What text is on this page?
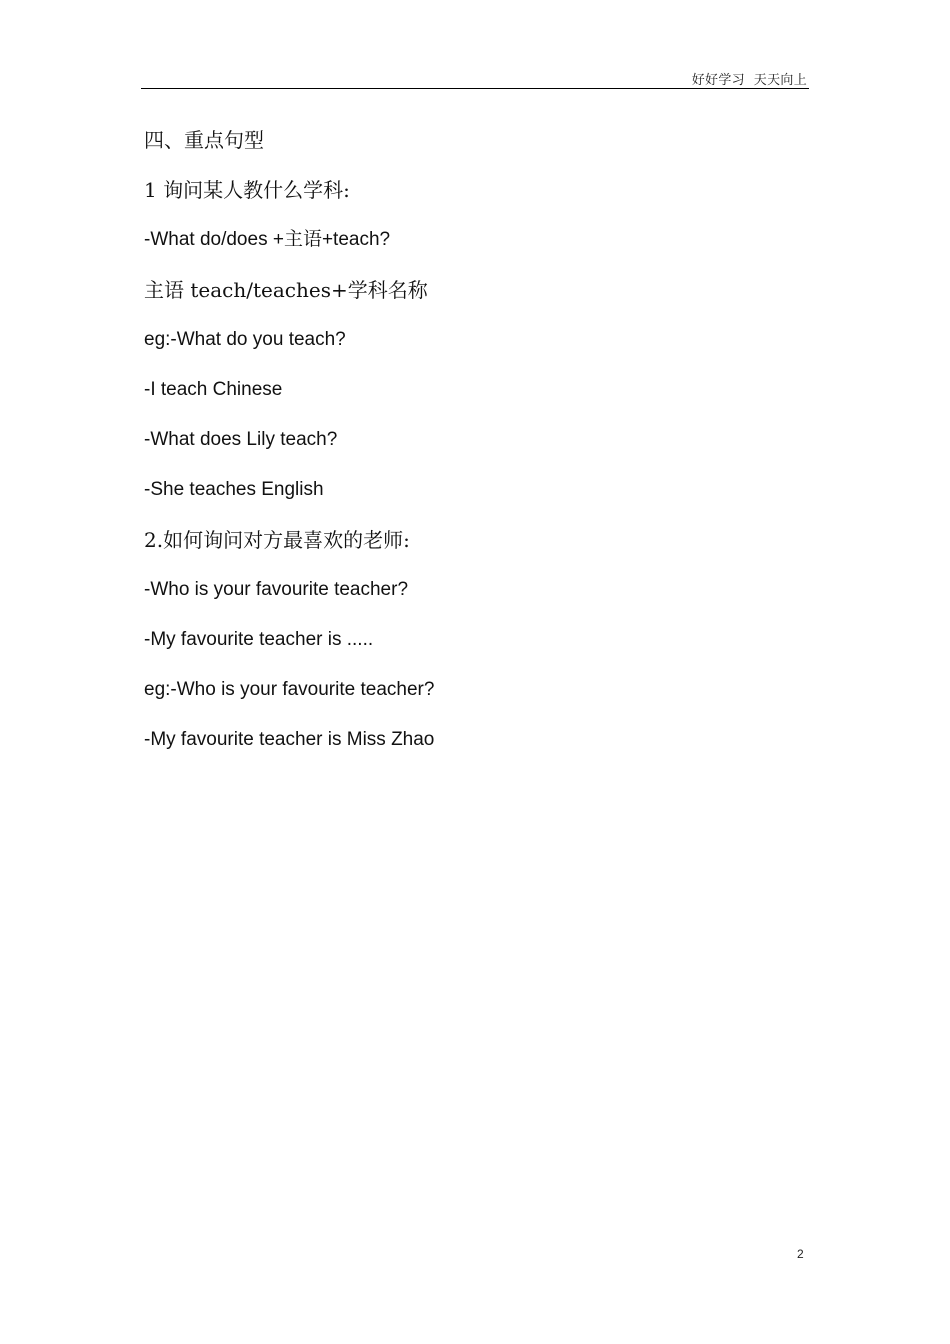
好好学习  天天向上
四、重点句型
1 询问某人教什么学科:
-What do/does +主语+teach?
主语 teach/teaches+学科名称
eg:-What do you teach?
-I teach Chinese
-What does Lily teach?
-She teaches English
2.如何询问对方最喜欢的老师:
-Who is your favourite teacher?
-My favourite teacher is .....
eg:-Who is your favourite teacher?
-My favourite teacher is Miss Zhao
2
